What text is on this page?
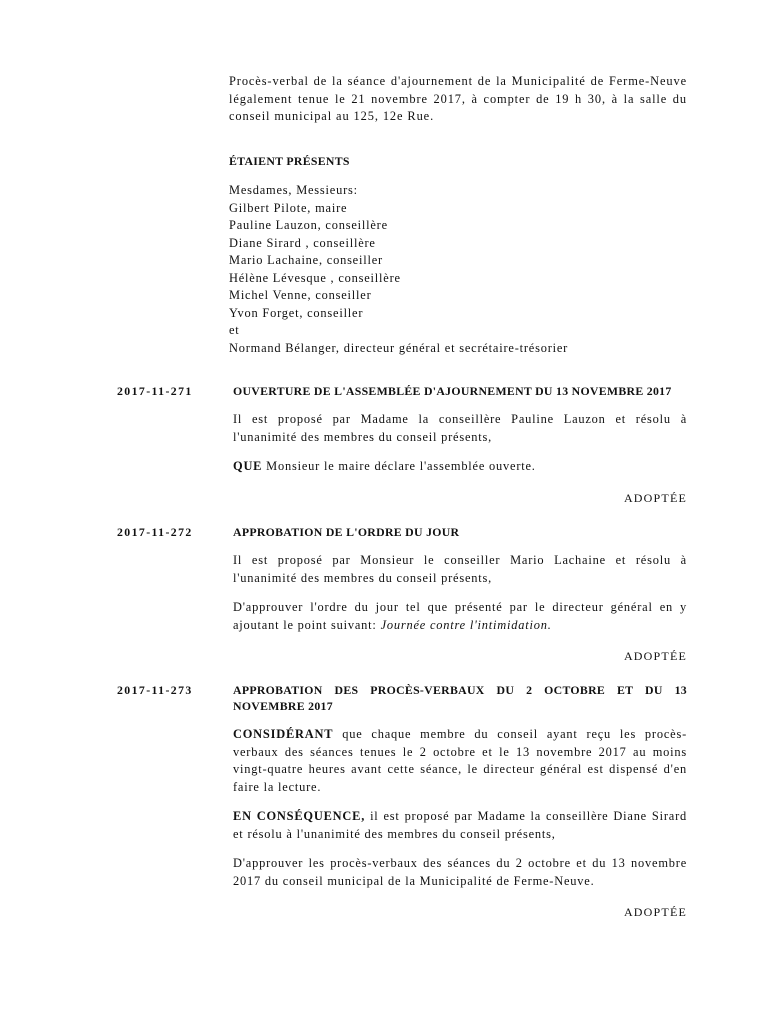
Procès-verbal de la séance d'ajournement de la Municipalité de Ferme-Neuve légalement tenue le 21 novembre 2017, à compter de 19 h 30, à la salle du conseil municipal au 125, 12e Rue.
ÉTAIENT PRÉSENTS
Mesdames, Messieurs:
Gilbert Pilote, maire
Pauline Lauzon, conseillère
Diane Sirard , conseillère
Mario Lachaine, conseiller
Hélène Lévesque , conseillère
Michel Venne, conseiller
Yvon Forget, conseiller
et
Normand Bélanger, directeur général et secrétaire-trésorier
2017-11-271	OUVERTURE DE L'ASSEMBLÉE D'AJOURNEMENT DU 13 NOVEMBRE 2017
Il est proposé par Madame la conseillère Pauline Lauzon et résolu à l'unanimité des membres du conseil présents,
QUE Monsieur le maire déclare l'assemblée ouverte.
ADOPTÉE
2017-11-272	APPROBATION DE L'ORDRE DU JOUR
Il est proposé par Monsieur le conseiller Mario Lachaine et résolu à l'unanimité des membres du conseil présents,
D'approuver l'ordre du jour tel que présenté par le directeur général en y ajoutant le point suivant: Journée contre l'intimidation.
ADOPTÉE
2017-11-273	APPROBATION DES PROCÈS-VERBAUX DU 2 OCTOBRE ET DU 13 NOVEMBRE 2017
CONSIDÉRANT que chaque membre du conseil ayant reçu les procès-verbaux des séances tenues le 2 octobre et le 13 novembre 2017 au moins vingt-quatre heures avant cette séance, le directeur général est dispensé d'en faire la lecture.
EN CONSÉQUENCE, il est proposé par Madame la conseillère Diane Sirard et résolu à l'unanimité des membres du conseil présents,
D'approuver les procès-verbaux des séances du 2 octobre et du 13 novembre 2017 du conseil municipal de la Municipalité de Ferme-Neuve.
ADOPTÉE
